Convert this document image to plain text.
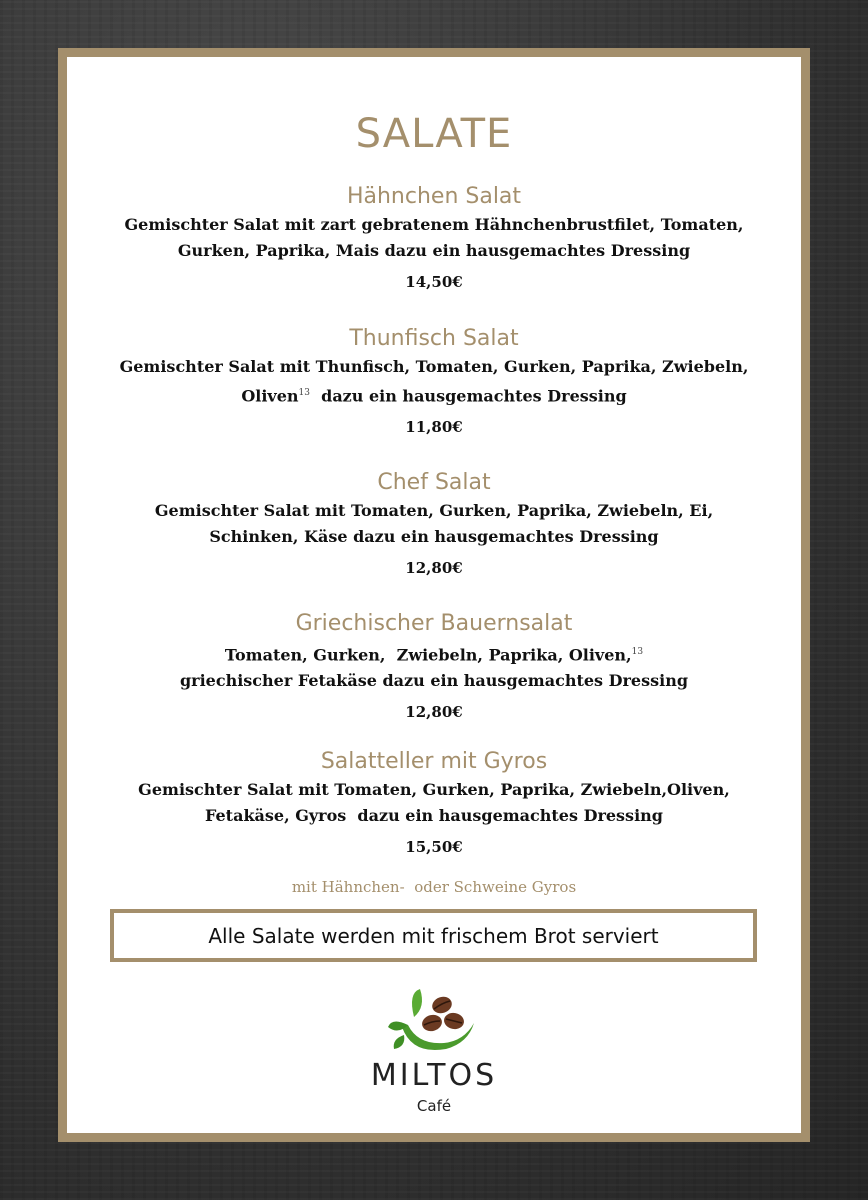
SALATE

Hähnchen Salat

Gemischter Salat mit zart gebratenem Hähnchenbrustfilet, Tomaten,
Gurken, Paprika, Mais dazu ein hausgemachtes Dressing

14,50€

Thunfisch Salat

Gemischter Salat mit Thunfisch, Tomaten, Gurken, Paprika, Zwiebeln,
Oliven$^{13}$  dazu ein hausgemachtes Dressing

11,80€

Chef Salat

Gemischter Salat mit Tomaten, Gurken, Paprika, Zwiebeln, Ei,
Schinken, Käse dazu ein hausgemachtes Dressing

12,80€

Griechischer Bauernsalat

Tomaten, Gurken,  Zwiebeln, Paprika, Oliven,$^{13}$
griechischer Fetakäse dazu ein hausgemachtes Dressing

12,80€

Salatteller mit Gyros

Gemischter Salat mit Tomaten, Gurken, Paprika, Zwiebeln,Oliven,
Fetakäse, Gyros  dazu ein hausgemachtes Dressing

15,50€

mit Hähnchen-  oder Schweine Gyros
Alle Salate werden mit frischem Brot serviert
MILTOS
Café
